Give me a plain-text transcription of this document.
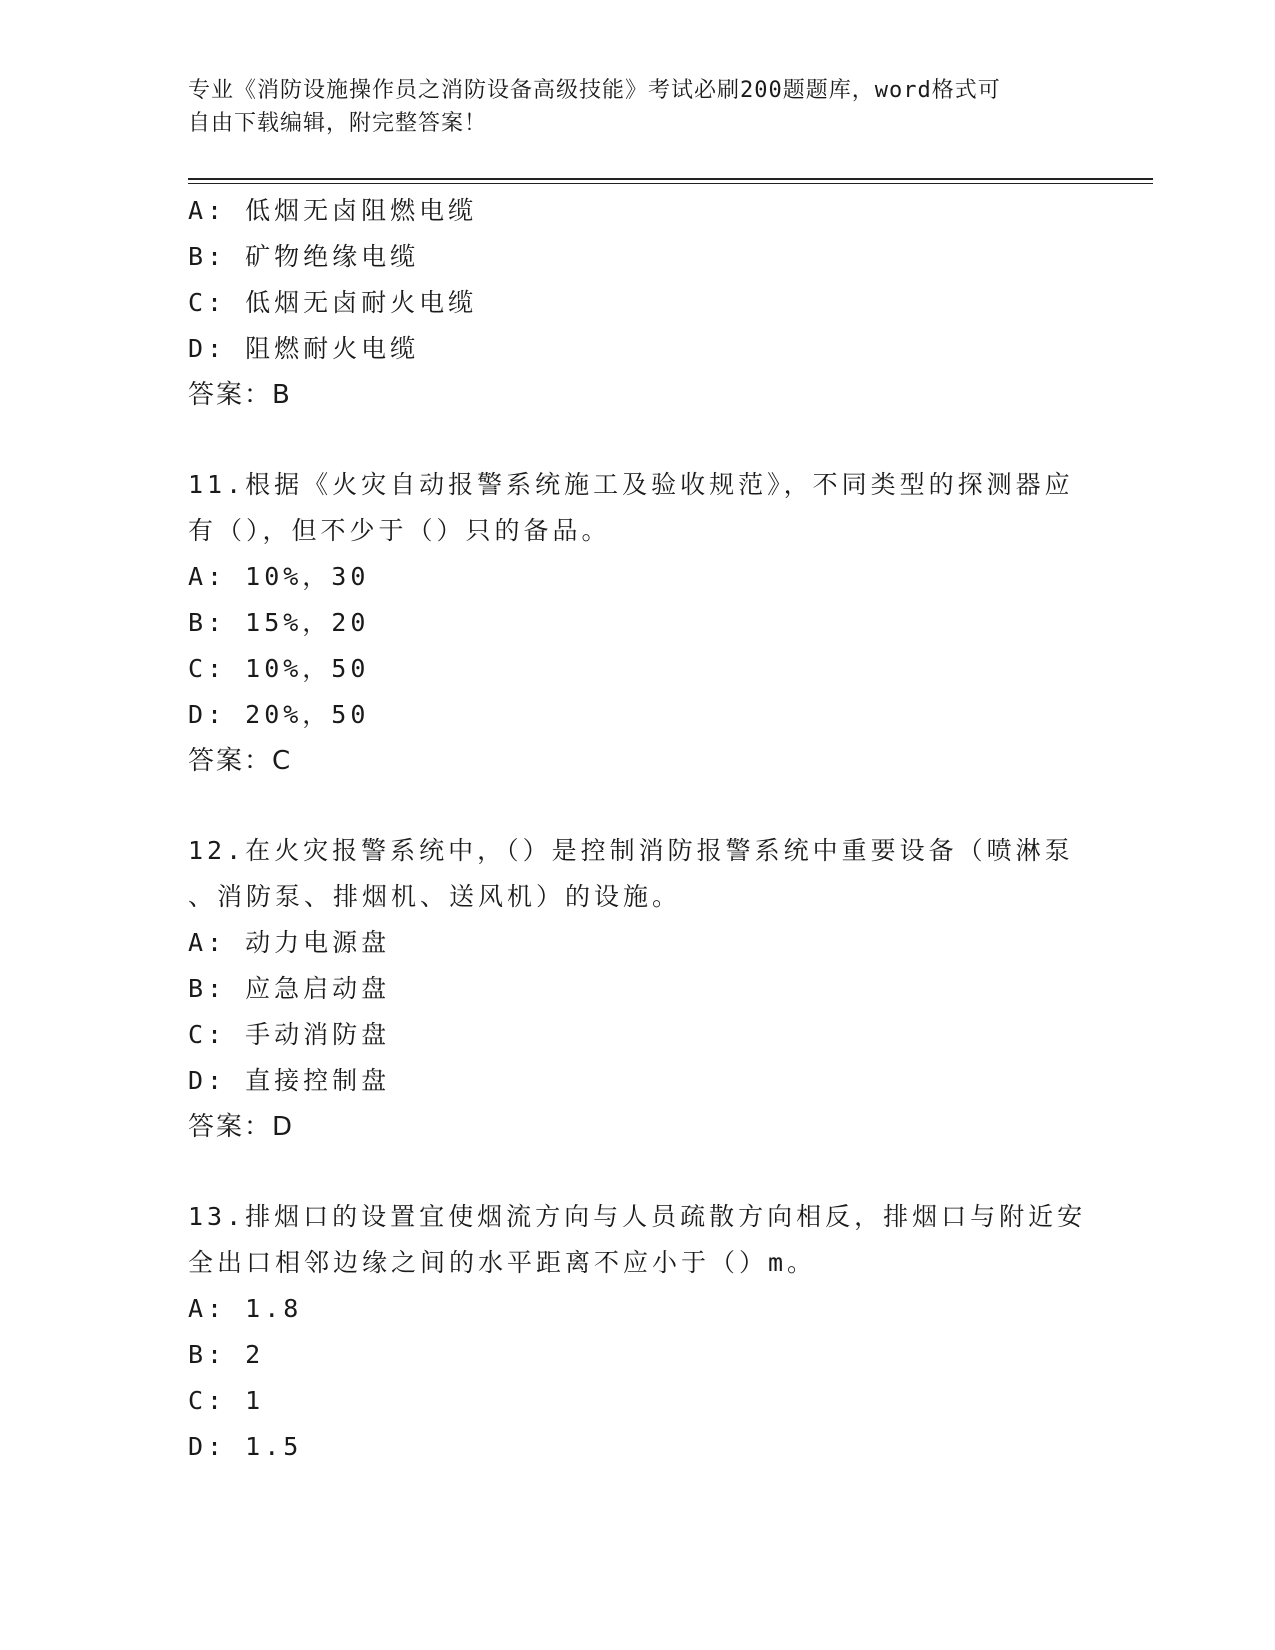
专业《消防设施操作员之消防设备高级技能》考试必刷200题题库，word格式可
自由下载编辑，附完整答案！
A: 低烟无卤阻燃电缆
B: 矿物绝缘电缆
C: 低烟无卤耐火电缆
D: 阻燃耐火电缆
答案：B
11.根据《火灾自动报警系统施工及验收规范》，不同类型的探测器应
有（），但不少于（）只的备品。
A: 10%，30
B: 15%，20
C: 10%，50
D: 20%，50
答案：C
12.在火灾报警系统中，（）是控制消防报警系统中重要设备（喷淋泵
、消防泵、排烟机、送风机）的设施。
A: 动力电源盘
B: 应急启动盘
C: 手动消防盘
D: 直接控制盘
答案：D
13.排烟口的设置宜使烟流方向与人员疏散方向相反，排烟口与附近安
全出口相邻边缘之间的水平距离不应小于（）m。
A: 1.8
B: 2
C: 1
D: 1.5
